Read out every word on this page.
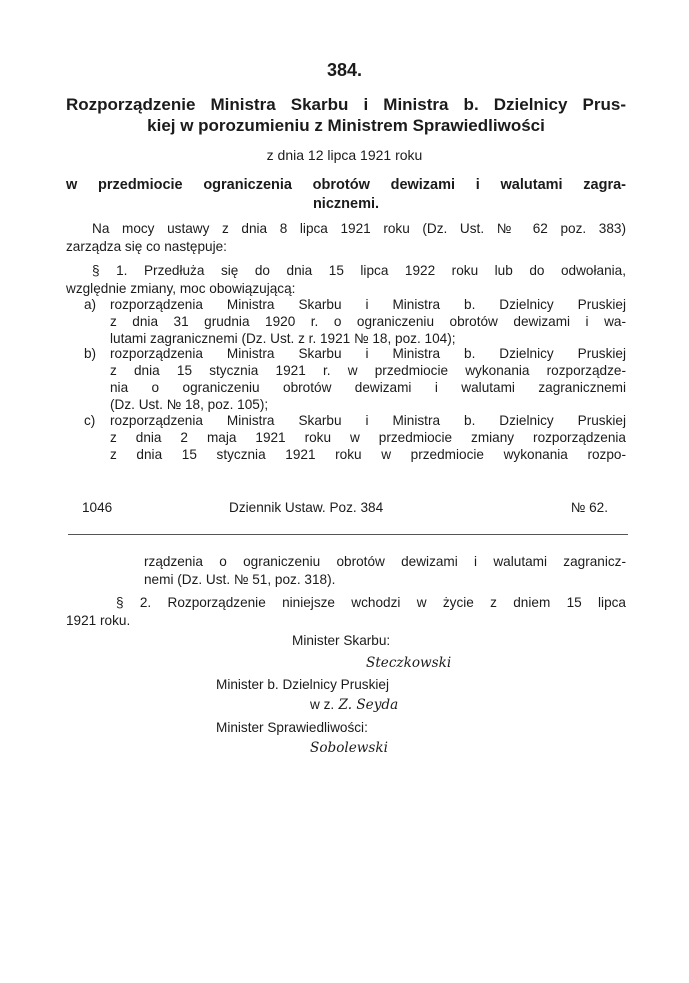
384.
Rozporządzenie Ministra Skarbu i Ministra b. Dzielnicy Prus-
kiej w porozumieniu z Ministrem Sprawiedliwości
z dnia 12 lipca 1921 roku
w przedmiocie ograniczenia obrotów dewizami i walutami zagra-
nicznemi.
Na mocy ustawy z dnia 8 lipca 1921 roku (Dz. Ust. № 62 poz. 383)
zarządza się co następuje:
§ 1. Przedłuża się do dnia 15 lipca 1922 roku lub do odwołania,
względnie zmiany, moc obowiązującą:
a) rozporządzenia Ministra Skarbu i Ministra b. Dzielnicy Pruskiej
z dnia 31 grudnia 1920 r. o ograniczeniu obrotów dewizami i wa-
lutami zagranicznemi (Dz. Ust. z r. 1921 № 18, poz. 104);
b) rozporządzenia Ministra Skarbu i Ministra b. Dzielnicy Pruskiej
z dnia 15 stycznia 1921 r. w przedmiocie wykonania rozporządze-
nia o ograniczeniu obrotów dewizami i walutami zagranicznemi
(Dz. Ust. № 18, poz. 105);
c) rozporządzenia Ministra Skarbu i Ministra b. Dzielnicy Pruskiej
z dnia 2 maja 1921 roku w przedmiocie zmiany rozporządzenia
z dnia 15 stycznia 1921 roku w przedmiocie wykonania rozpo-
1046	Dziennik Ustaw. Poz. 384	№ 62.
rządzenia o ograniczeniu obrotów dewizami i walutami zagranicz-
nemi (Dz. Ust. № 51, poz. 318).
§ 2. Rozporządzenie niniejsze wchodzi w życie z dniem 15 lipca
1921 roku.
Minister Skarbu:
Steczkowski
Minister b. Dzielnicy Pruskiej
w z. Z. Seyda
Minister Sprawiedliwości:
Sobolewski
